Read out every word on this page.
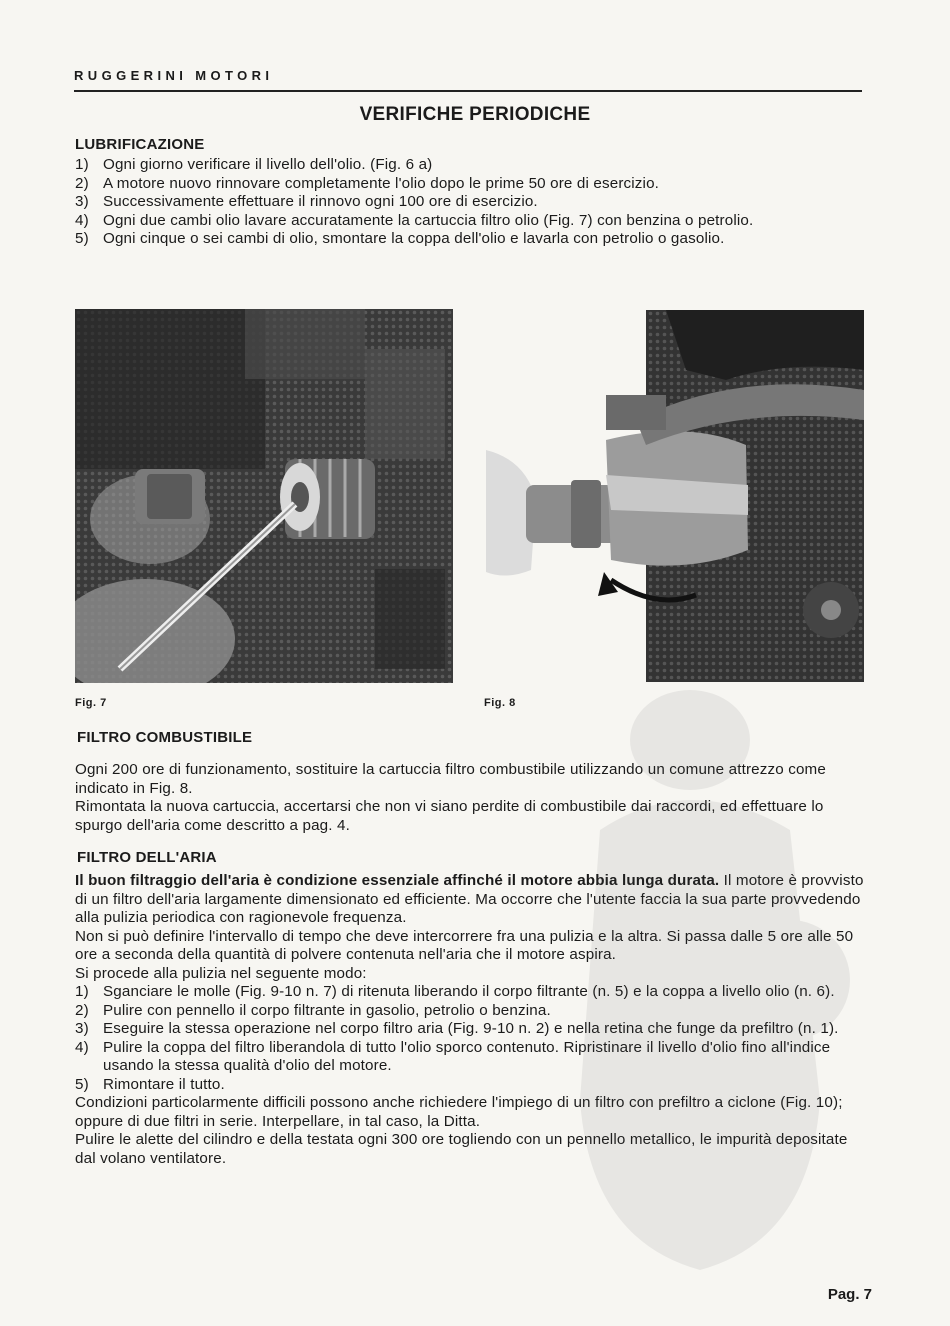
RUGGERINI MOTORI
VERIFICHE PERIODICHE
LUBRIFICAZIONE
1) Ogni giorno verificare il livello dell'olio. (Fig. 6 a)
2) A motore nuovo rinnovare completamente l'olio dopo le prime 50 ore di esercizio.
3) Successivamente effettuare il rinnovo ogni 100 ore di esercizio.
4) Ogni due cambi olio lavare accuratamente la cartuccia filtro olio (Fig. 7) con benzina o petrolio.
5) Ogni cinque o sei cambi di olio, smontare la coppa dell'olio e lavarla con petrolio o gasolio.
Fig. 7	Fig. 8
FILTRO COMBUSTIBILE

Ogni 200 ore di funzionamento, sostituire la cartuccia filtro combustibile utilizzando un comune attrezzo come indicato in Fig. 8.

Rimontata la nuova cartuccia, accertarsi che non vi siano perdite di combustibile dai raccordi, ed effettuare lo spurgo dell'aria come descritto a pag. 4.

FILTRO DELL'ARIA

Il buon filtraggio dell'aria è condizione essenziale affinché il motore abbia lunga durata. Il motore è provvisto di un filtro dell'aria largamente dimensionato ed efficiente. Ma occorre che l'utente faccia la sua parte provvedendo alla pulizia periodica con ragionevole frequenza.

Non si può definire l'intervallo di tempo che deve intercorrere fra una pulizia e la altra. Si passa dalle 5 ore alle 50 ore a seconda della quantità di polvere contenuta nell'aria che il motore aspira.

Si procede alla pulizia nel seguente modo:

1) Sganciare le molle (Fig. 9-10 n. 7) di ritenuta liberando il corpo filtrante (n. 5) e la coppa a livello olio (n. 6).
2) Pulire con pennello il corpo filtrante in gasolio, petrolio o benzina.
3) Eseguire la stessa operazione nel corpo filtro aria (Fig. 9-10 n. 2) e nella retina che funge da prefiltro (n. 1).
4) Pulire la coppa del filtro liberandola di tutto l'olio sporco contenuto. Ripristinare il livello d'olio fino all'indice usando la stessa qualità d'olio del motore.
5) Rimontare il tutto.

Condizioni particolarmente difficili possono anche richiedere l'impiego di un filtro con prefiltro a ciclone (Fig. 10); oppure di due filtri in serie. Interpellare, in tal caso, la Ditta.

Pulire le alette del cilindro e della testata ogni 300 ore togliendo con un pennello metallico, le impurità depositate dal volano ventilatore.

Pag. 7
